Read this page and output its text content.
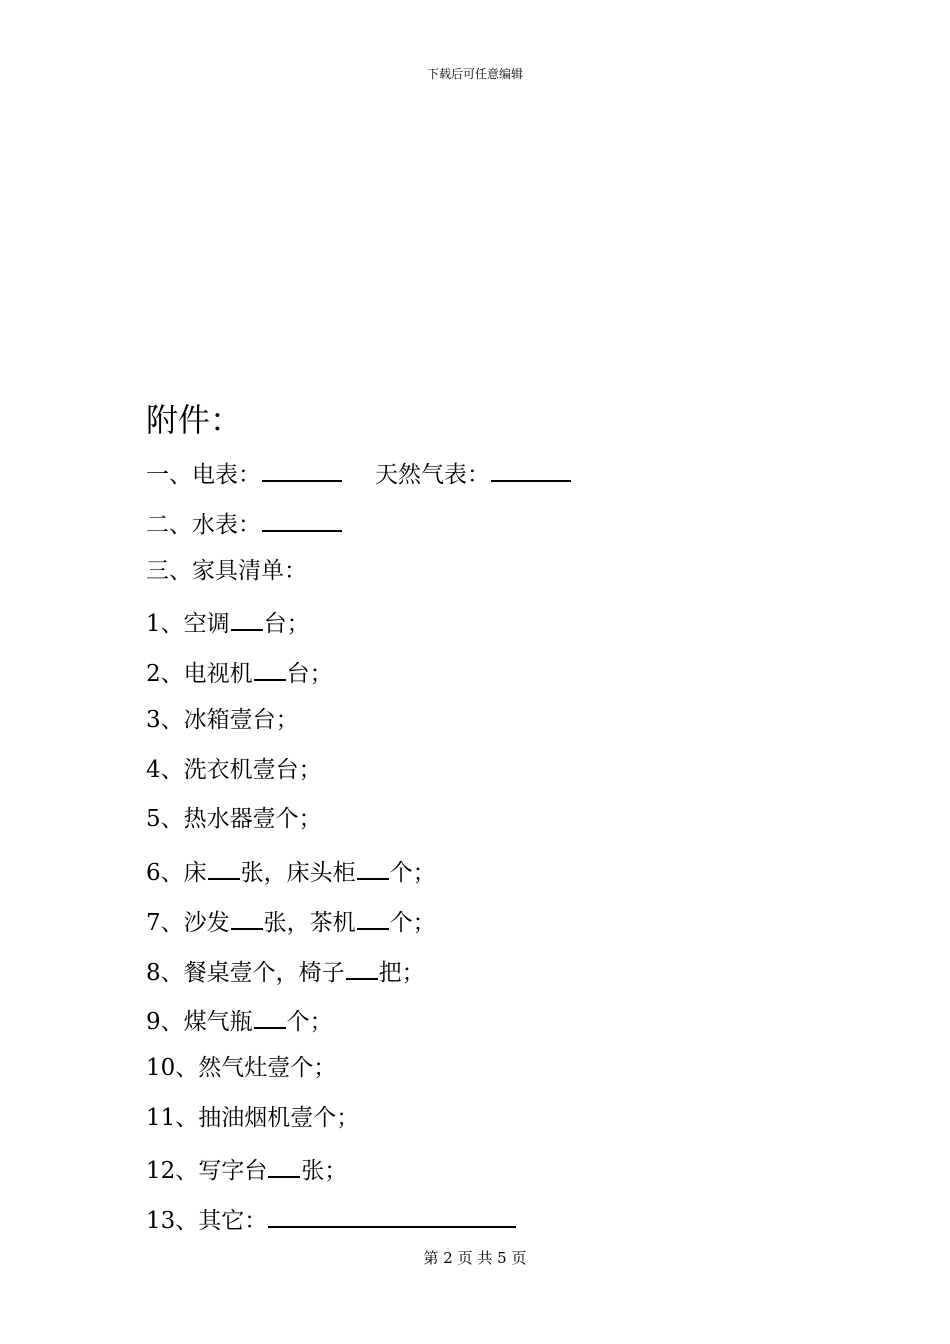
下载后可任意编辑
附件：
一、电表：	天然气表：
二、水表：
三、家具清单：
1、空调 台；
2、电视机 台；
3、冰箱壹台；
4、洗衣机壹台；
5、热水器壹个；
6、床 张，床头柜 个；
7、沙发 张，茶机 个；
8、餐桌壹个，椅子 把；
9、煤气瓶 个；
10、然气灶壹个；
11、抽油烟机壹个；
12、写字台 张；
13、其它：
第 2 页 共 5 页
